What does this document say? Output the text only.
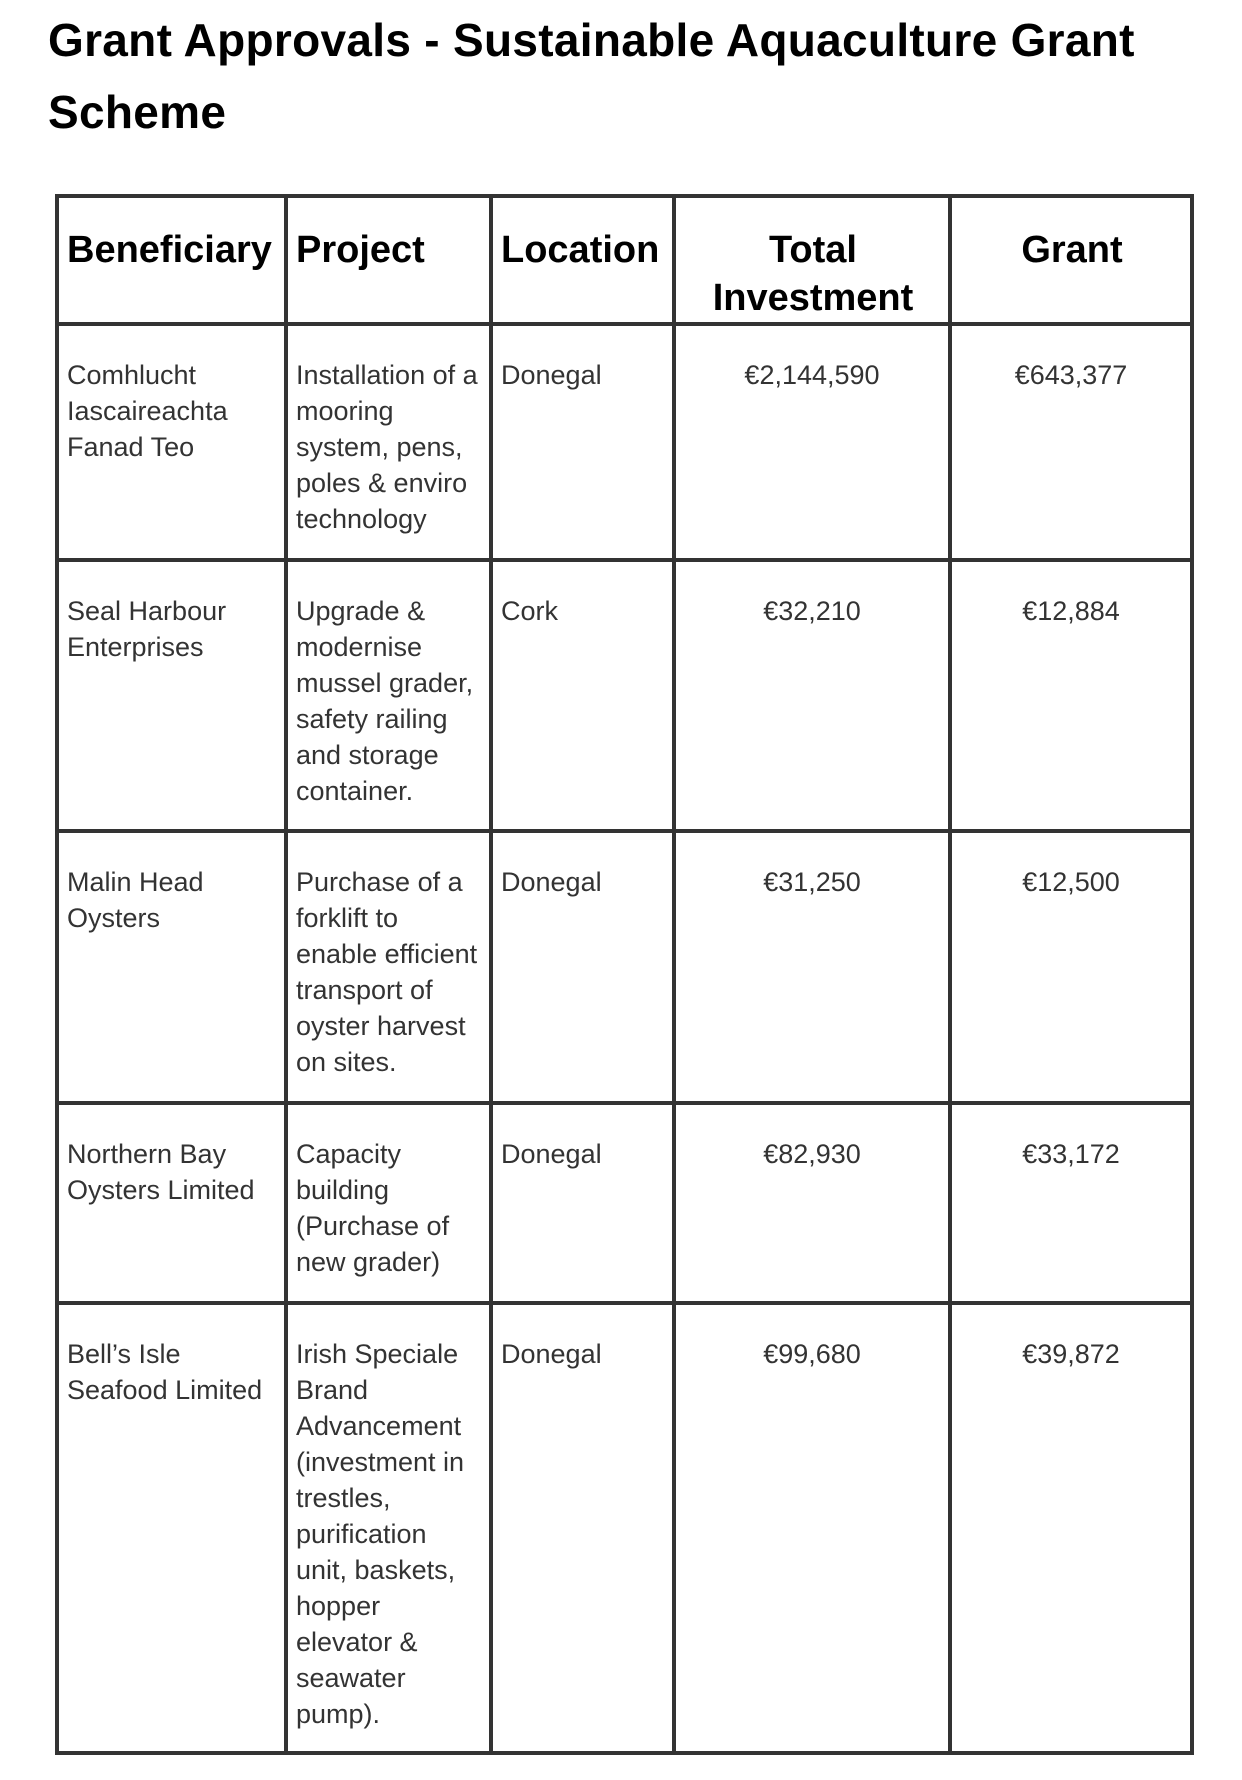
Grant Approvals - Sustainable Aquaculture Grant Scheme
Beneficiary	Project	Location	Total Investment	Grant
Comhlucht Iascaireachta Fanad Teo	Installation of a mooring system, pens, poles & enviro technology	Donegal	€2,144,590	€643,377
Seal Harbour Enterprises	Upgrade & modernise mussel grader, safety railing and storage container.	Cork	€32,210	€12,884
Malin Head Oysters	Purchase of a forklift to enable efficient transport of oyster harvest on sites.	Donegal	€31,250	€12,500
Northern Bay Oysters Limited	Capacity building (Purchase of new grader)	Donegal	€82,930	€33,172
Bell’s Isle Seafood Limited	Irish Speciale Brand Advancement (investment in trestles, purification unit, baskets, hopper elevator & seawater pump).	Donegal	€99,680	€39,872
